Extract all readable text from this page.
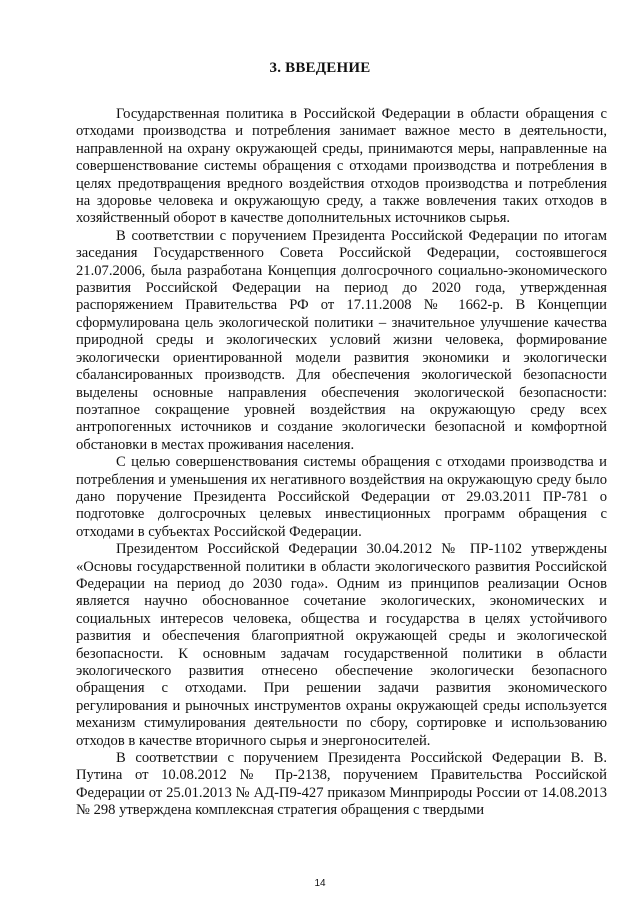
3. ВВЕДЕНИЕ

Государственная политика в Российской Федерации в области обращения с отходами производства и потребления занимает важное место в деятельности, направленной на охрану окружающей среды, принимаются меры, направленные на совершенствование системы обращения с отходами производства и потребления в целях предотвращения вредного воздействия отходов производства и потребления на здоровье человека и окружающую среду, а также вовлечения таких отходов в хозяйственный оборот в качестве дополнительных источников сырья.

В соответствии с поручением Президента Российской Федерации по итогам заседания Государственного Совета Российской Федерации, состоявшегося 21.07.2006, была разработана Концепция долгосрочного социально-экономического развития Российской Федерации на период до 2020 года, утвержденная распоряжением Правительства РФ от 17.11.2008 № 1662-р. В Концепции сформулирована цель экологической политики – значительное улучшение качества природной среды и экологических условий жизни человека, формирование экологически ориентированной модели развития экономики и экологически сбалансированных производств. Для обеспечения экологической безопасности выделены основные направления обеспечения экологической безопасности: поэтапное сокращение уровней воздействия на окружающую среду всех антропогенных источников и создание экологически безопасной и комфортной обстановки в местах проживания населения.

С целью совершенствования системы обращения с отходами производства и потребления и уменьшения их негативного воздействия на окружающую среду было дано поручение Президента Российской Федерации от 29.03.2011 ПР-781 о подготовке долгосрочных целевых инвестиционных программ обращения с отходами в субъектах Российской Федерации.

Президентом Российской Федерации 30.04.2012 № ПР-1102 утверждены «Основы государственной политики в области экологического развития Российской Федерации на период до 2030 года». Одним из принципов реализации Основ является научно обоснованное сочетание экологических, экономических и социальных интересов человека, общества и государства в целях устойчивого развития и обеспечения благоприятной окружающей среды и экологической безопасности. К основным задачам государственной политики в области экологического развития отнесено обеспечение экологически безопасного обращения с отходами. При решении задачи развития экономического регулирования и рыночных инструментов охраны окружающей среды используется механизм стимулирования деятельности по сбору, сортировке и использованию отходов в качестве вторичного сырья и энергоносителей.

В соответствии с поручением Президента Российской Федерации В. В. Путина от 10.08.2012 № Пр-2138, поручением Правительства Российской Федерации от 25.01.2013 № АД-П9-427 приказом Минприроды России от 14.08.2013 № 298 утверждена комплексная стратегия обращения с твердыми

14
